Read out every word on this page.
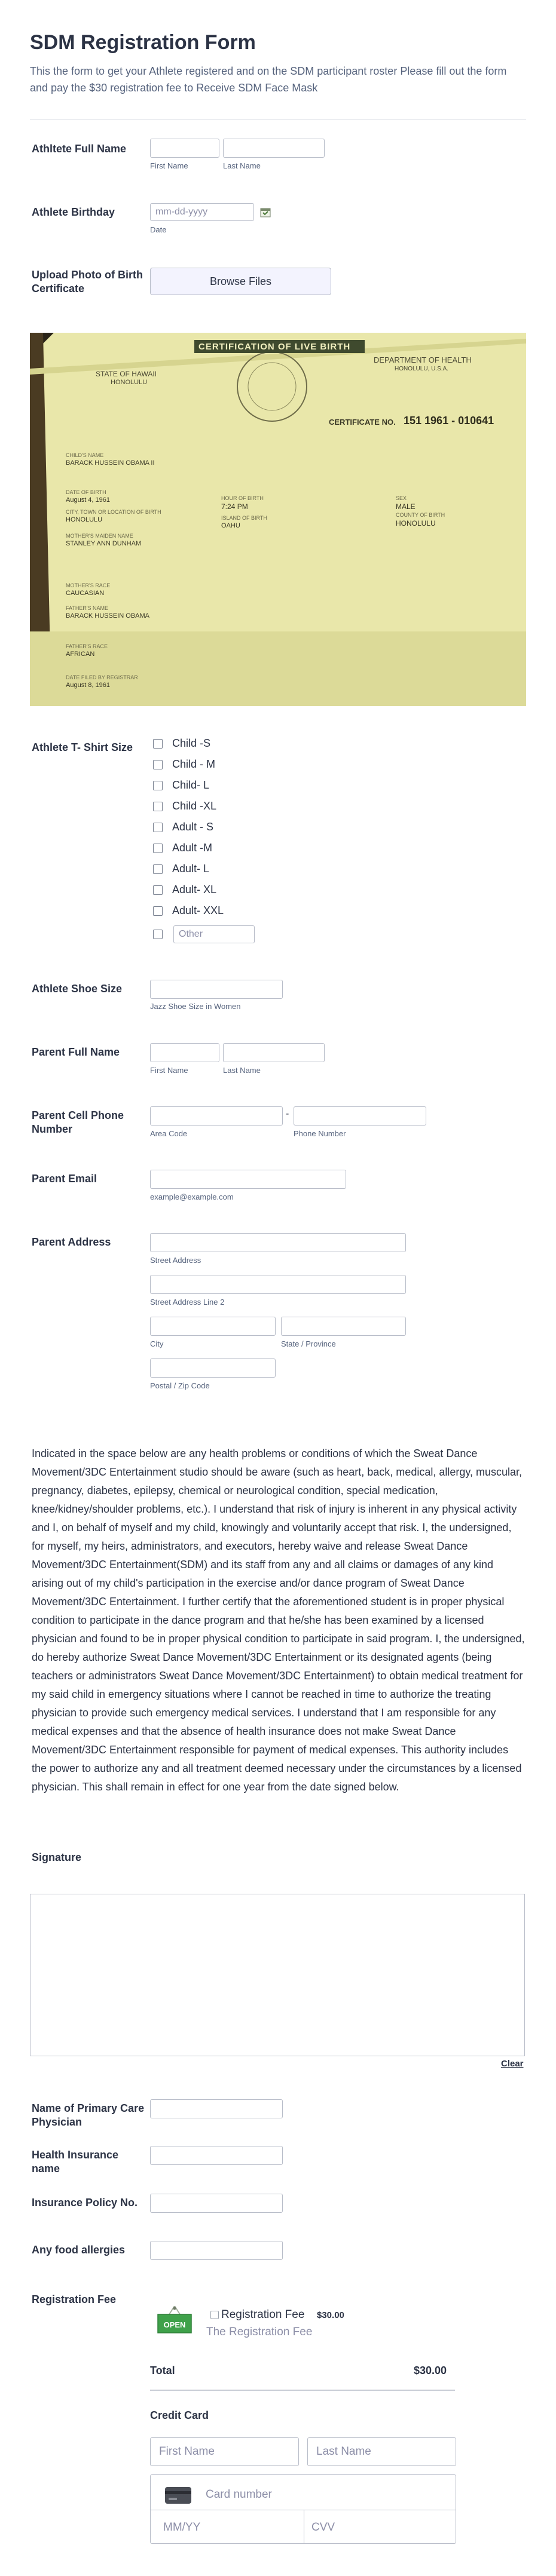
SDM Registration Form
This the form to get your Athlete registered and on the SDM participant roster Please fill out the form and pay the $30 registration fee to Receive SDM Face Mask
Athltete Full Name
First Name	Last Name
Athlete Birthday	mm-dd-yyyy
Date
Upload Photo of Birth Certificate
Browse Files
CERTIFICATION OF LIVE BIRTH
STATE OF HAWAII
HONOLULU
DEPARTMENT OF HEALTH
HONOLULU, U.S.A.
CERTIFICATE NO. 151 1961 - 010641
CHILD'S NAME
BARACK HUSSEIN OBAMA II
DATE OF BIRTH
August 4, 1961	HOUR OF BIRTH
7:24 PM
SEX
MALE
CITY, TOWN OR LOCATION OF BIRTH
HONOLULU	ISLAND OF BIRTH
OAHU
COUNTY OF BIRTH
HONOLULU
MOTHER'S MAIDEN NAME
STANLEY ANN DUNHAM
MOTHER'S RACE
CAUCASIAN
FATHER'S NAME
BARACK HUSSEIN OBAMA
FATHER'S RACE
AFRICAN
DATE FILED BY REGISTRAR
August 8, 1961
Athlete T- Shirt Size	Child -S
Child - M
Child- L
Child -XL
Adult - S
Adult -M
Adult- L
Adult- XL
Adult- XXL
Other
Athlete Shoe Size
Jazz Shoe Size in Women
Parent Full Name
First Name	Last Name
Parent Cell Phone Number
-
Area Code	Phone Number
Parent Email
example@example.com
Parent Address
Street Address
Street Address Line 2
City	State / Province
Postal / Zip Code
Indicated in the space below are any health problems or conditions of which the Sweat Dance Movement/3DC Entertainment studio should be aware (such as heart, back, medical, allergy, muscular, pregnancy, diabetes, epilepsy, chemical or neurological condition, special medication, knee/kidney/shoulder problems, etc.). I understand that risk of injury is inherent in any physical activity and I, on behalf of myself and my child, knowingly and voluntarily accept that risk. I, the undersigned, for myself, my heirs, administrators, and executors, hereby waive and release Sweat Dance Movement/3DC Entertainment(SDM) and its staff from any and all claims or damages of any kind arising out of my child's participation in the exercise and/or dance program of Sweat Dance Movement/3DC Entertainment. I further certify that the aforementioned student is in proper physical condition to participate in the dance program and that he/she has been examined by a licensed physician and found to be in proper physical condition to participate in said program. I, the undersigned, do hereby authorize Sweat Dance Movement/3DC Entertainment or its designated agents (being teachers or administrators Sweat Dance Movement/3DC Entertainment) to obtain medical treatment for my said child in emergency situations where I cannot be reached in time to authorize the treating physician to provide such emergency medical services. I understand that I am responsible for any medical expenses and that the absence of health insurance does not make Sweat Dance Movement/3DC Entertainment responsible for payment of medical expenses. This authority includes the power to authorize any and all treatment deemed necessary under the circumstances by a licensed physician. This shall remain in effect for one year from the date signed below.
Signature
Clear
Name of Primary Care Physician
Health Insurance name
Insurance Policy No.
Any food allergies
Registration Fee
OPEN
Registration Fee $30.00
The Registration Fee
Total	$30.00
Credit Card
First Name	Last Name
Card number
MM/YY	CVV
